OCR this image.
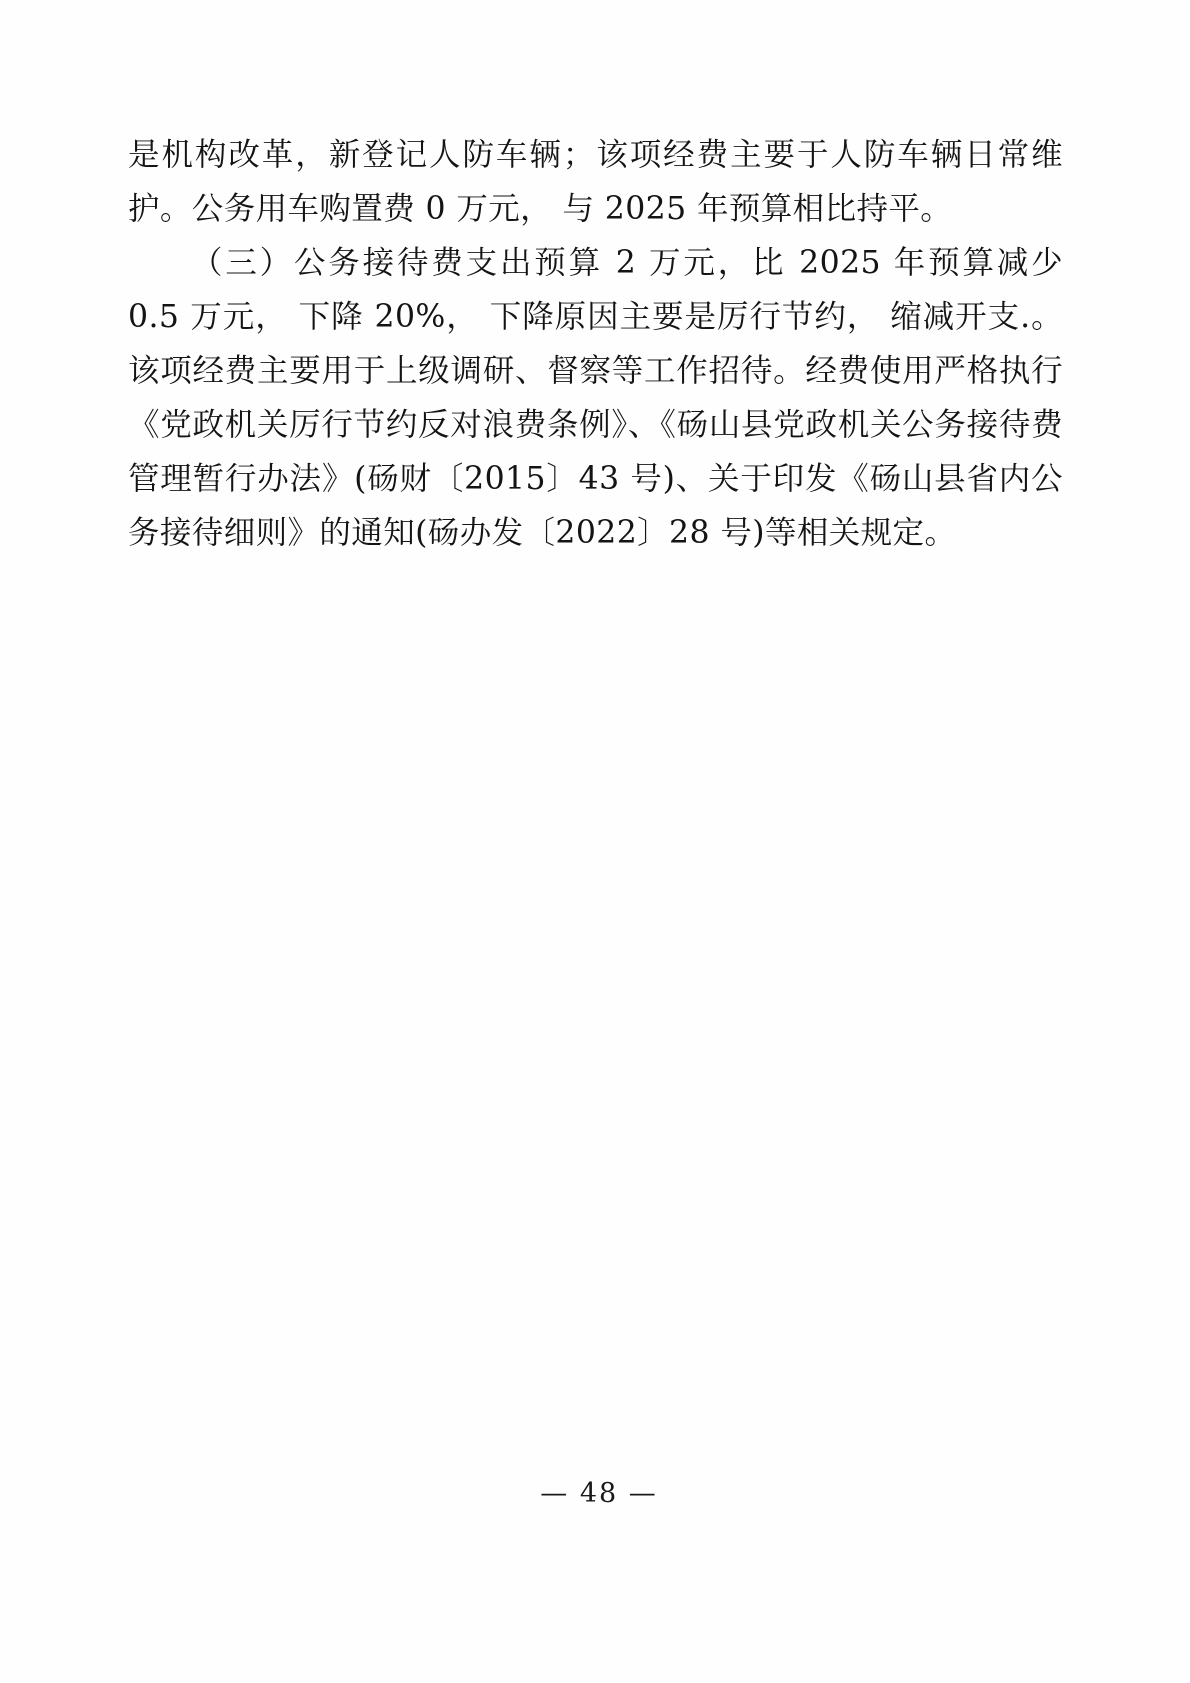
是机构改革，新登记人防车辆；该项经费主要于人防车辆日常维护。公务用车购置费 0 万元， 与 2025 年预算相比持平。

（三）公务接待费支出预算 2 万元，比 2025 年预算减少 0.5 万元， 下降 20%， 下降原因主要是厉行节约， 缩减开支.。该项经费主要用于上级调研、督察等工作招待。经费使用严格执行《党政机关厉行节约反对浪费条例》、《砀山县党政机关公务接待费管理暂行办法》(砀财〔2015〕43 号)、关于印发《砀山县省内公务接待细则》的通知(砀办发〔2022〕28 号)等相关规定。

— 48 —
